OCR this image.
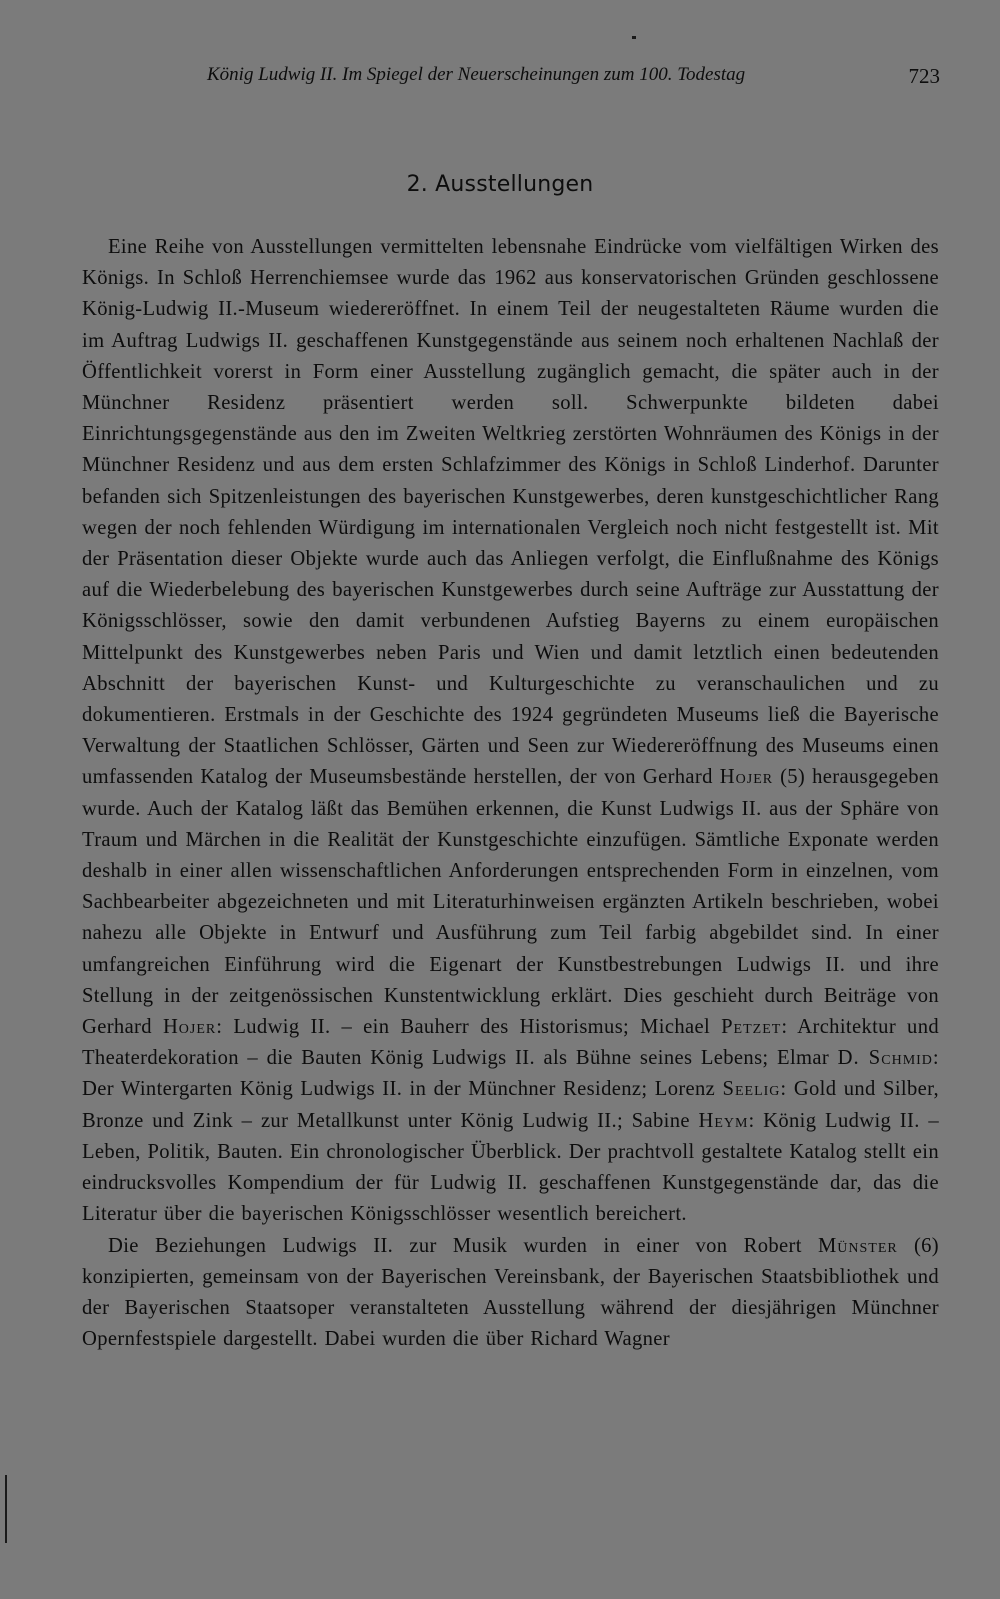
König Ludwig II. Im Spiegel der Neuerscheinungen zum 100. Todestag	723
2. Ausstellungen

Eine Reihe von Ausstellungen vermittelten lebensnahe Eindrücke vom vielfältigen Wirken des Königs. In Schloß Herrenchiemsee wurde das 1962 aus konservatorischen Gründen geschlossene König-Ludwig II.-Museum wiedereröffnet. In einem Teil der neugestalteten Räume wurden die im Auftrag Ludwigs II. geschaffenen Kunstgegenstände aus seinem noch erhaltenen Nachlaß der Öffentlichkeit vorerst in Form einer Ausstellung zugänglich gemacht, die später auch in der Münchner Residenz präsentiert werden soll. Schwerpunkte bildeten dabei Einrichtungsgegenstände aus den im Zweiten Weltkrieg zerstörten Wohnräumen des Königs in der Münchner Residenz und aus dem ersten Schlafzimmer des Königs in Schloß Linderhof. Darunter befanden sich Spitzenleistungen des bayerischen Kunstgewerbes, deren kunstgeschichtlicher Rang wegen der noch fehlenden Würdigung im internationalen Vergleich noch nicht festgestellt ist. Mit der Präsentation dieser Objekte wurde auch das Anliegen verfolgt, die Einflußnahme des Königs auf die Wiederbelebung des bayerischen Kunstgewerbes durch seine Aufträge zur Ausstattung der Königsschlösser, sowie den damit verbundenen Aufstieg Bayerns zu einem europäischen Mittelpunkt des Kunstgewerbes neben Paris und Wien und damit letztlich einen bedeutenden Abschnitt der bayerischen Kunst- und Kulturgeschichte zu veranschaulichen und zu dokumentieren. Erstmals in der Geschichte des 1924 gegründeten Museums ließ die Bayerische Verwaltung der Staatlichen Schlösser, Gärten und Seen zur Wiedereröffnung des Museums einen umfassenden Katalog der Museumsbestände herstellen, der von Gerhard Hojer (5) herausgegeben wurde. Auch der Katalog läßt das Bemühen erkennen, die Kunst Ludwigs II. aus der Sphäre von Traum und Märchen in die Realität der Kunstgeschichte einzufügen. Sämtliche Exponate werden deshalb in einer allen wissenschaftlichen Anforderungen entsprechenden Form in einzelnen, vom Sachbearbeiter abgezeichneten und mit Literaturhinweisen ergänzten Artikeln beschrieben, wobei nahezu alle Objekte in Entwurf und Ausführung zum Teil farbig abgebildet sind. In einer umfangreichen Einführung wird die Eigenart der Kunstbestrebungen Ludwigs II. und ihre Stellung in der zeitgenössischen Kunstentwicklung erklärt. Dies geschieht durch Beiträge von Gerhard Hojer: Ludwig II. – ein Bauherr des Historismus; Michael Petzet: Architektur und Theaterdekoration – die Bauten König Ludwigs II. als Bühne seines Lebens; Elmar D. Schmid: Der Wintergarten König Ludwigs II. in der Münchner Residenz; Lorenz Seelig: Gold und Silber, Bronze und Zink – zur Metallkunst unter König Ludwig II.; Sabine Heym: König Ludwig II. – Leben, Politik, Bauten. Ein chronologischer Überblick. Der prachtvoll gestaltete Katalog stellt ein eindrucksvolles Kompendium der für Ludwig II. geschaffenen Kunstgegenstände dar, das die Literatur über die bayerischen Königsschlösser wesentlich bereichert.

Die Beziehungen Ludwigs II. zur Musik wurden in einer von Robert Münster (6) konzipierten, gemeinsam von der Bayerischen Vereinsbank, der Bayerischen Staatsbibliothek und der Bayerischen Staatsoper veranstalteten Ausstellung während der diesjährigen Münchner Opernfestspiele dargestellt. Dabei wurden die über Richard Wagner
